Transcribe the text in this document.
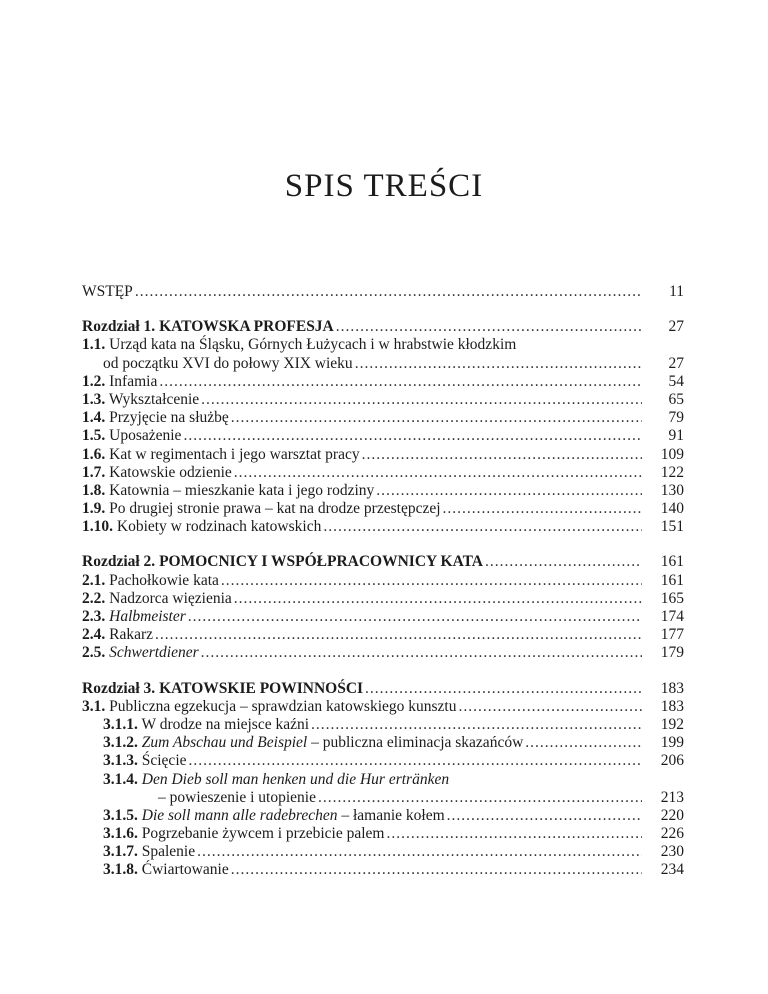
SPIS TREŚCI
WSTĘP .....	11
Rozdział 1. KATOWSKA PROFESJA .....	27
1.1. Urząd kata na Śląsku, Górnych Łużycach i w hrabstwie kłodzkim
od początku XVI do połowy XIX wieku .....	27
1.2. Infamia .....	54
1.3. Wykształcenie .....	65
1.4. Przyjęcie na służbę .....	79
1.5. Uposażenie .....	91
1.6. Kat w regimentach i jego warsztat pracy .....	109
1.7. Katowskie odzienie .....	122
1.8. Katownia – mieszkanie kata i jego rodziny .....	130
1.9. Po drugiej stronie prawa – kat na drodze przestępczej .....	140
1.10. Kobiety w rodzinach katowskich .....	151
Rozdział 2. POMOCNICY I WSPÓŁPRACOWNICY KATA .....	161
2.1. Pachołkowie kata .....	161
2.2. Nadzorca więzienia .....	165
2.3. Halbmeister .....	174
2.4. Rakarz .....	177
2.5. Schwertdiener .....	179
Rozdział 3. KATOWSKIE POWINNOŚCI .....	183
3.1. Publiczna egzekucja – sprawdzian katowskiego kunsztu .....	183
3.1.1. W drodze na miejsce kaźni .....	192
3.1.2. Zum Abschau und Beispiel – publiczna eliminacja skazańców .....	199
3.1.3. Ścięcie .....	206
3.1.4. Den Dieb soll man henken und die Hur ertränken
– powieszenie i utopienie .....	213
3.1.5. Die soll mann alle radebrechen – łamanie kołem .....	220
3.1.6. Pogrzebanie żywcem i przebicie palem .....	226
3.1.7. Spalenie .....	230
3.1.8. Ćwiartowanie .....	234
